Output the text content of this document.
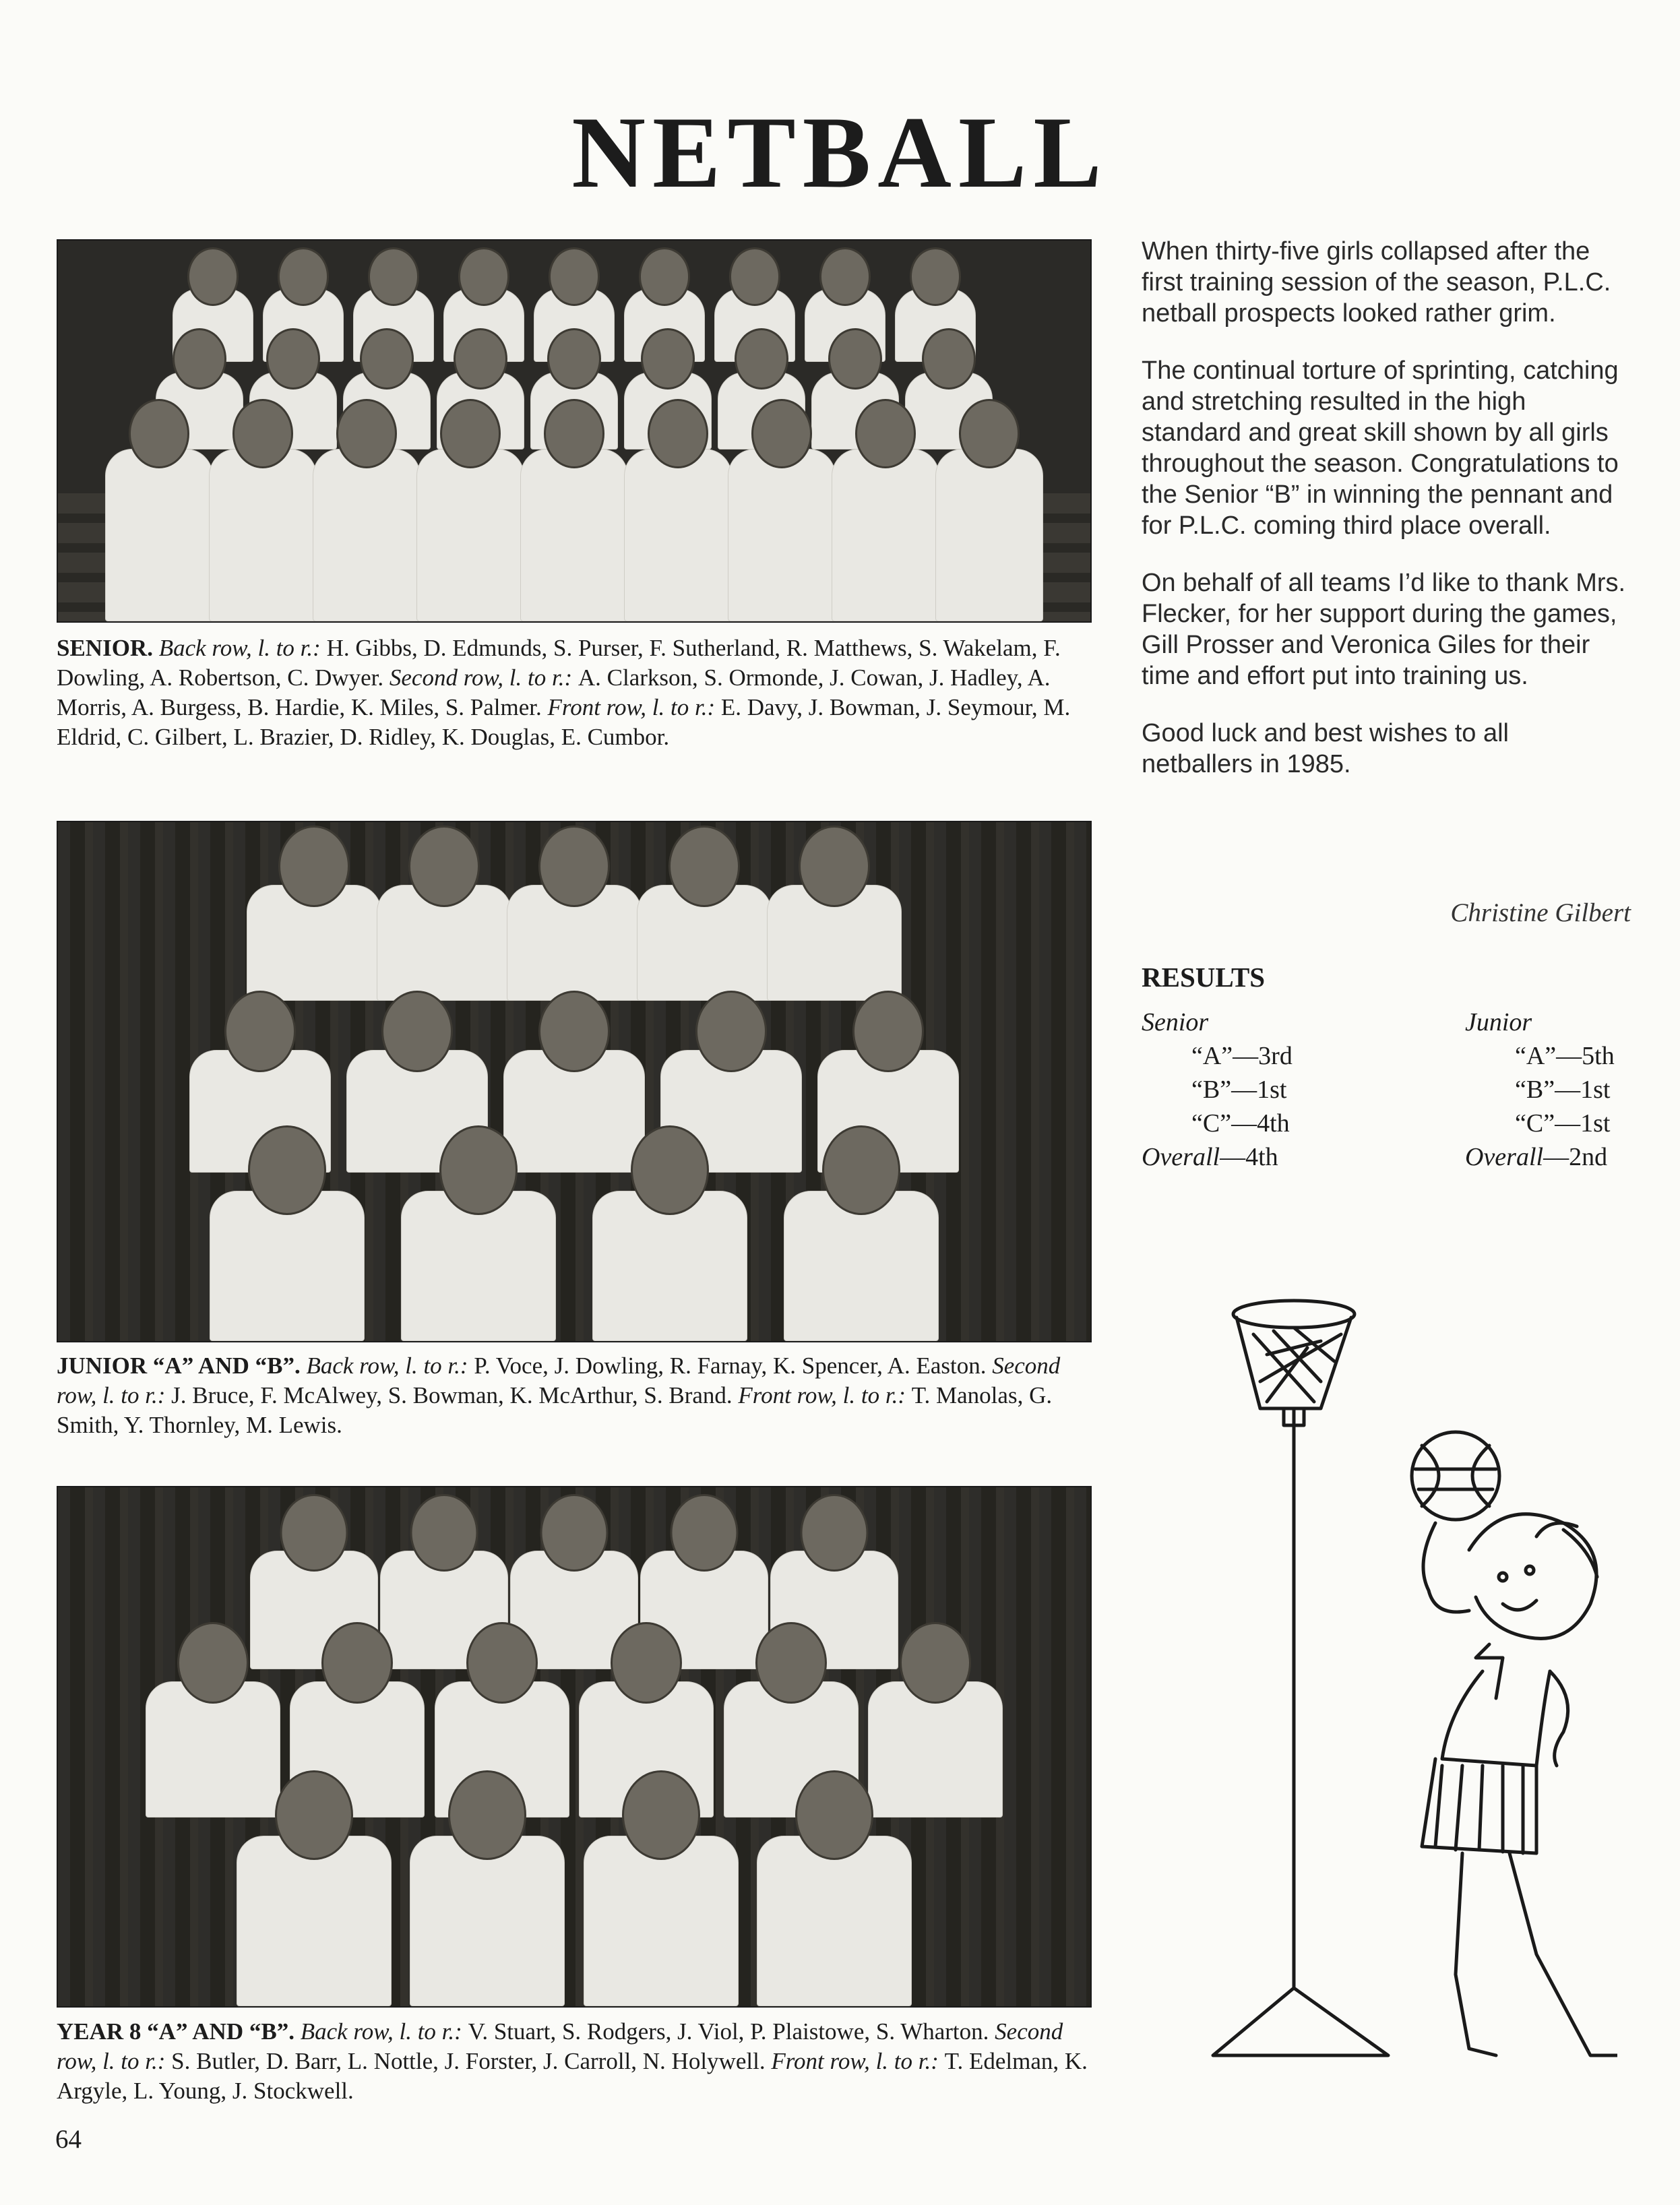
NETBALL
SENIOR. Back row, l. to r.: H. Gibbs, D. Edmunds, S. Purser, F. Sutherland, R. Matthews, S. Wakelam, F. Dowling, A. Robertson, C. Dwyer. Second row, l. to r.: A. Clarkson, S. Ormonde, J. Cowan, J. Hadley, A. Morris, A. Burgess, B. Hardie, K. Miles, S. Palmer. Front row, l. to r.: E. Davy, J. Bowman, J. Seymour, M. Eldrid, C. Gilbert, L. Brazier, D. Ridley, K. Douglas, E. Cumbor.
JUNIOR “A” AND “B”. Back row, l. to r.: P. Voce, J. Dowling, R. Farnay, K. Spencer, A. Easton. Second row, l. to r.: J. Bruce, F. McAlwey, S. Bowman, K. McArthur, S. Brand. Front row, l. to r.: T. Manolas, G. Smith, Y. Thornley, M. Lewis.
YEAR 8 “A” AND “B”. Back row, l. to r.: V. Stuart, S. Rodgers, J. Viol, P. Plaistowe, S. Wharton. Second row, l. to r.: S. Butler, D. Barr, L. Nottle, J. Forster, J. Carroll, N. Holywell. Front row, l. to r.: T. Edelman, K. Argyle, L. Young, J. Stockwell.

When thirty-five girls collapsed after the first training session of the season, P.L.C. netball prospects looked rather grim.

The continual torture of sprinting, catching and stretching resulted in the high standard and great skill shown by all girls throughout the season. Congratulations to the Senior “B” in winning the pennant and for P.L.C. coming third place overall.

On behalf of all teams I’d like to thank Mrs. Flecker, for her support during the games, Gill Prosser and Veronica Giles for their time and effort put into training us.

Good luck and best wishes to all netballers in 1985.

Christine Gilbert
RESULTS
Senior
“A”—3rd
“B”—1st
“C”—4th
Overall—4th
Junior
“A”—5th
“B”—1st
“C”—1st
Overall—2nd
64
